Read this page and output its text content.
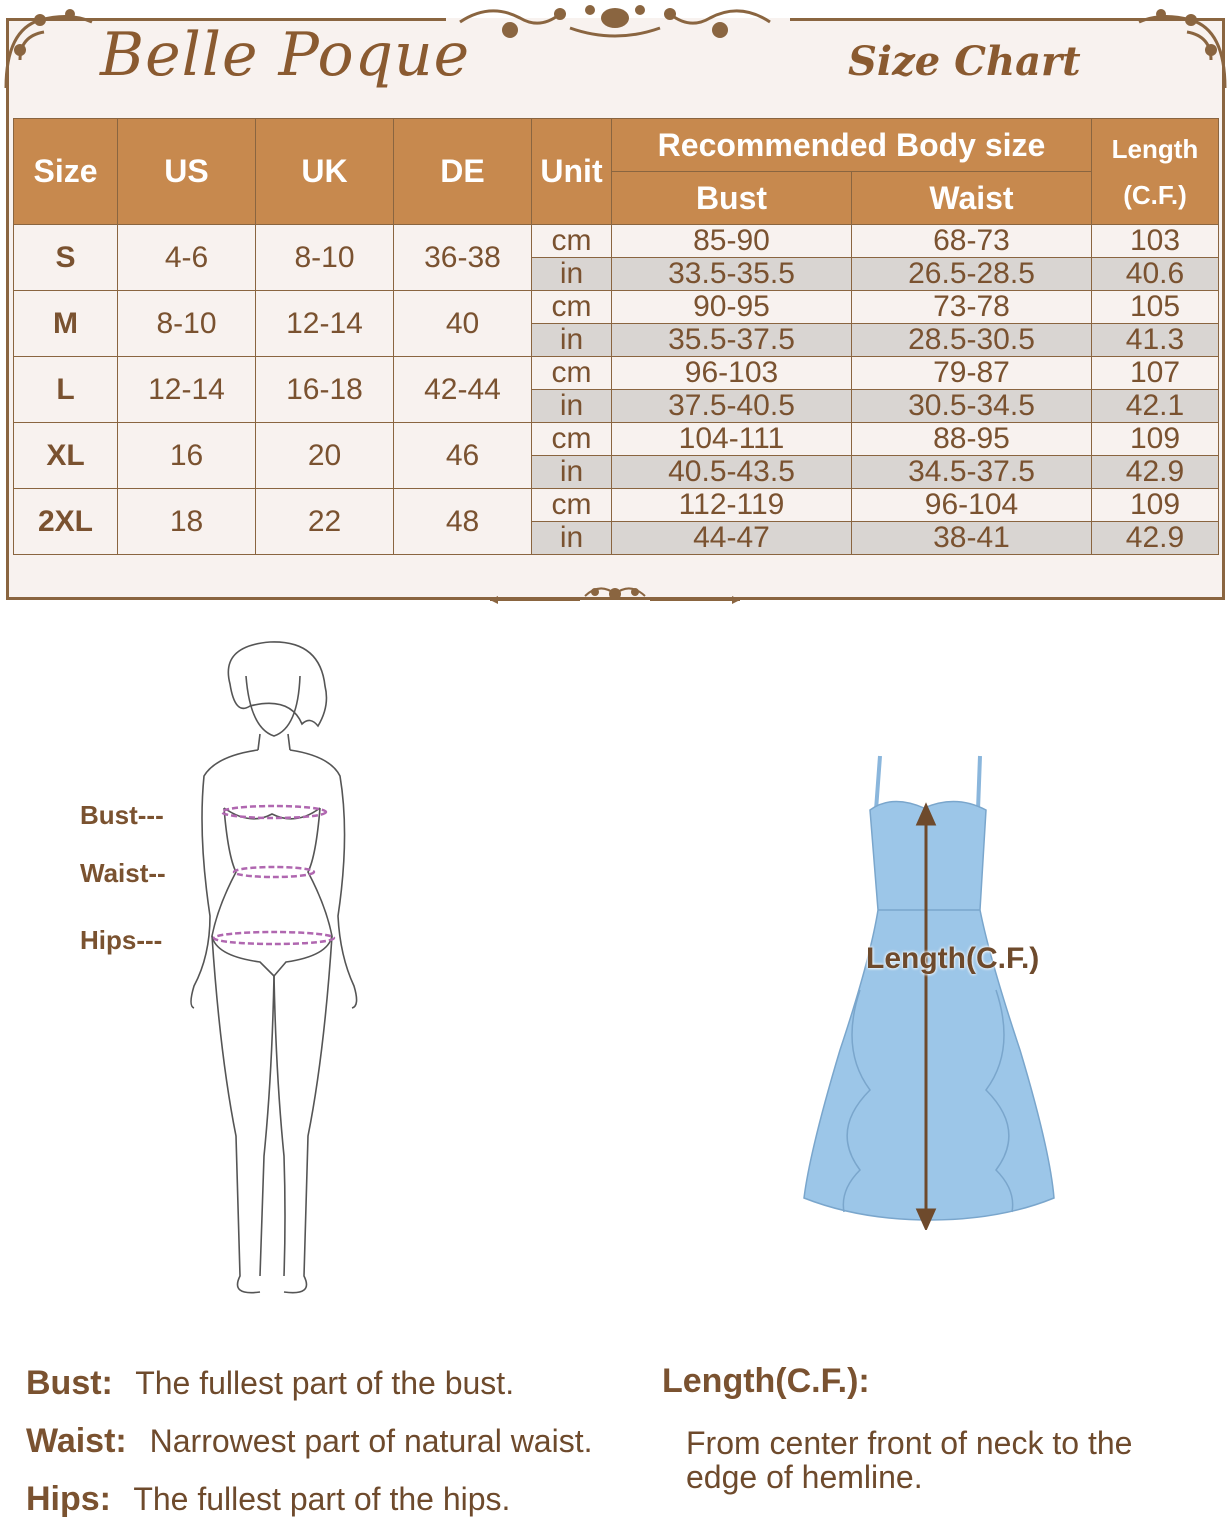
Belle Poque	Size Chart
Size	US	UK	DE	Unit	Recommended Body size		Length
(C.F.)

					Bust	Waist	
S	4-6	8-10	36-38	cm	85-90	68-73	103
				in	33.5-35.5	26.5-28.5	40.6
M	8-10	12-14	40	cm	90-95	73-78	105
				in	35.5-37.5	28.5-30.5	41.3
L	12-14	16-18	42-44	cm	96-103	79-87	107
				in	37.5-40.5	30.5-34.5	42.1
XL	16	20	46	cm	104-111	88-95	109
				in	40.5-43.5	34.5-37.5	42.9
2XL	18	22	48	cm	112-119	96-104	109
				in	44-47	38-41	42.9
Bust---
Waist--
Hips---
Length(C.F.)
Bust: The fullest part of the bust.
Waist: Narrowest part of natural waist.
Hips: The fullest part of the hips.
Length(C.F.):
From center front of neck to the edge of hemline.
